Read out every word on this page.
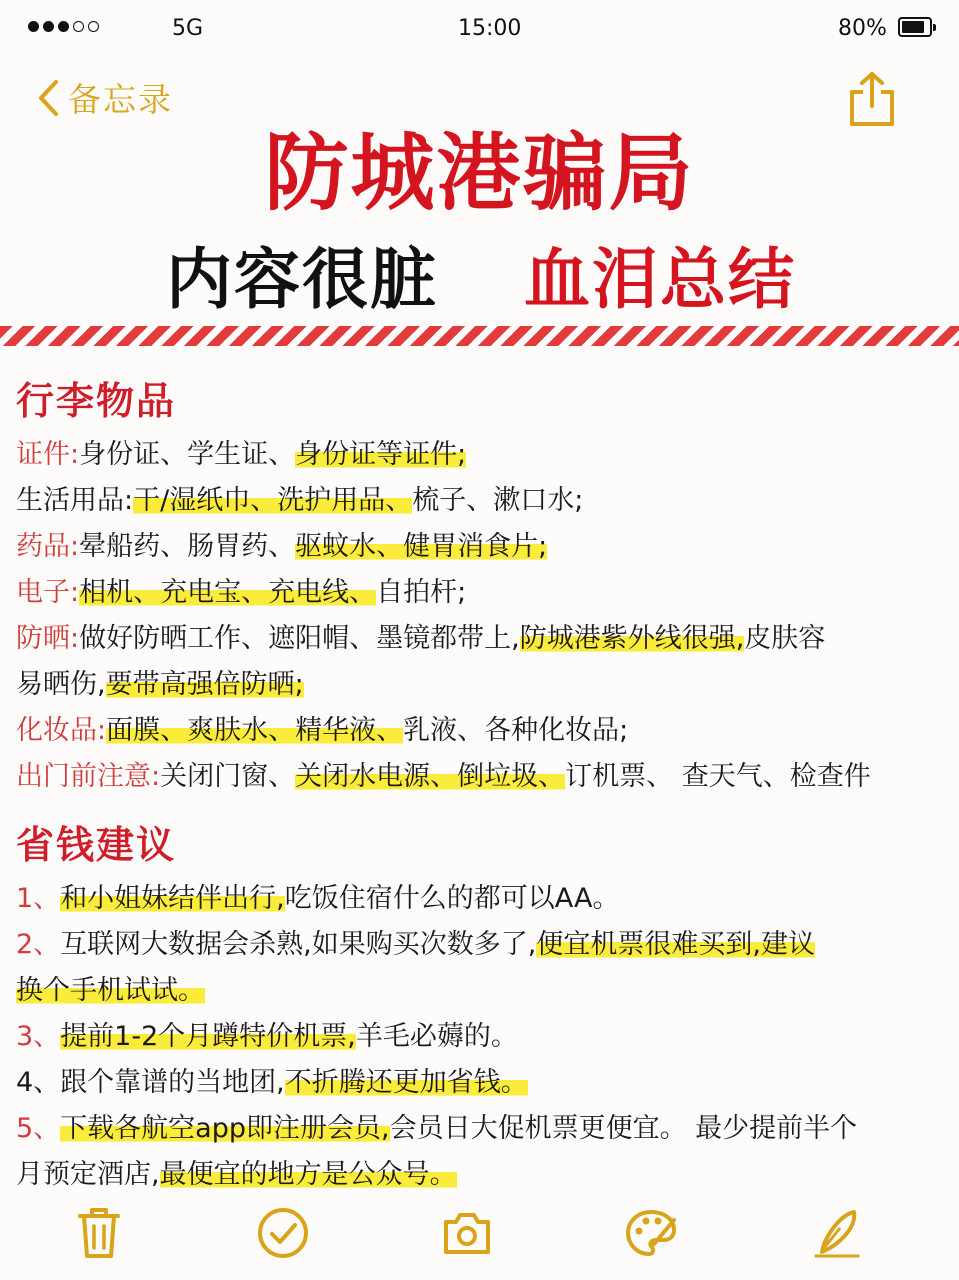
5G	15:00	80%
备忘录
防城港骗局
内容很脏 血泪总结
行李物品

证件:身份证、学生证、身份证等证件;

生活用品:干/湿纸巾、洗护用品、梳子、漱口水;

药品:晕船药、肠胃药、驱蚊水、健胃消食片;

电子:相机、充电宝、充电线、自拍杆;

防晒:做好防晒工作、遮阳帽、墨镜都带上,防城港紫外线很强,皮肤容

易晒伤,要带高强倍防晒;

化妆品:面膜、爽肤水、精华液、乳液、各种化妆品;

出门前注意:关闭门窗、关闭水电源、倒垃圾、订机票、 查天气、检查件

省钱建议

1、和小姐妹结伴出行,吃饭住宿什么的都可以AA。

2、互联网大数据会杀熟,如果购买次数多了,便宜机票很难买到,建议

换个手机试试。

3、提前1-2个月蹲特价机票,羊毛必薅的。

4、跟个靠谱的当地团,不折腾还更加省钱。

5、下载各航空app即注册会员,会员日大促机票更便宜。 最少提前半个

月预定酒店,最便宜的地方是公众号。
